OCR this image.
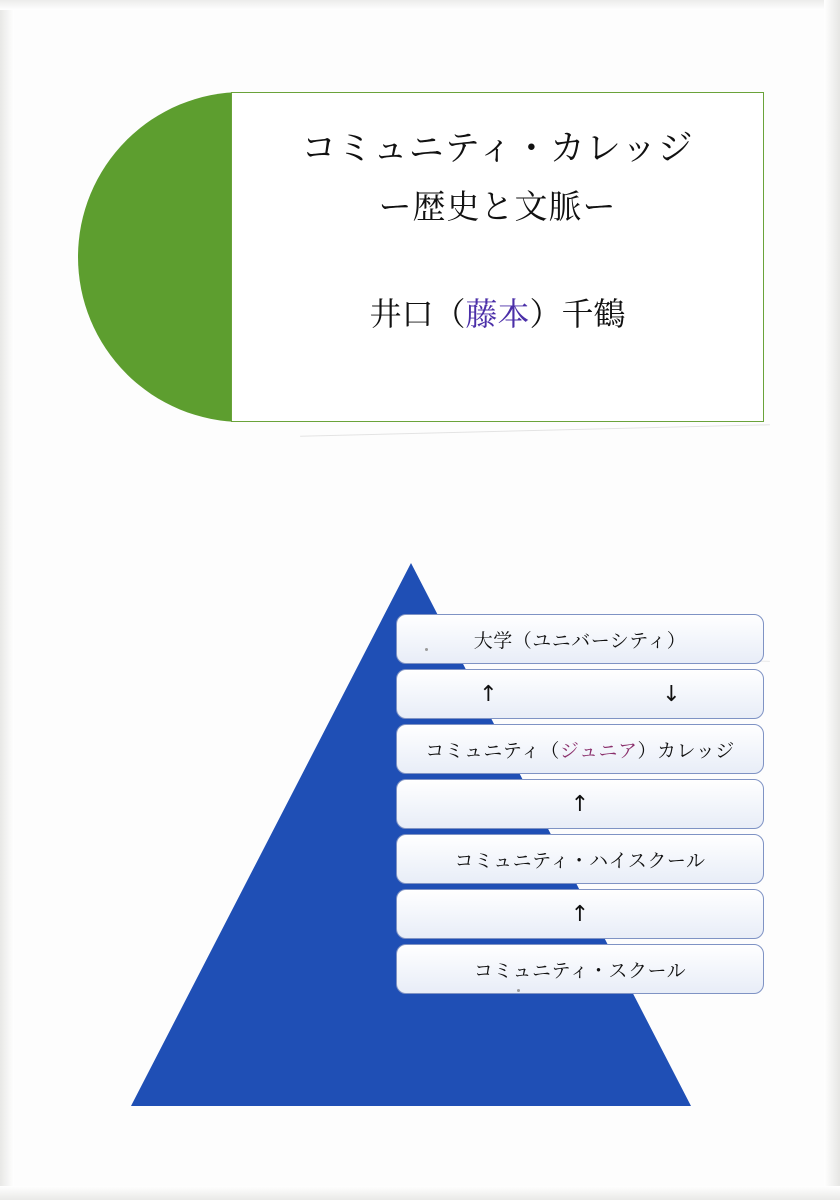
コミュニティ・カレッジ
ー歴史と文脈ー
井口（藤本）千鶴
大学（ユニバーシティ）
↑	↓
コミュニティ（ジュニア）カレッジ
↑
コミュニティ・ハイスクール
↑
コミュニティ・スクール
